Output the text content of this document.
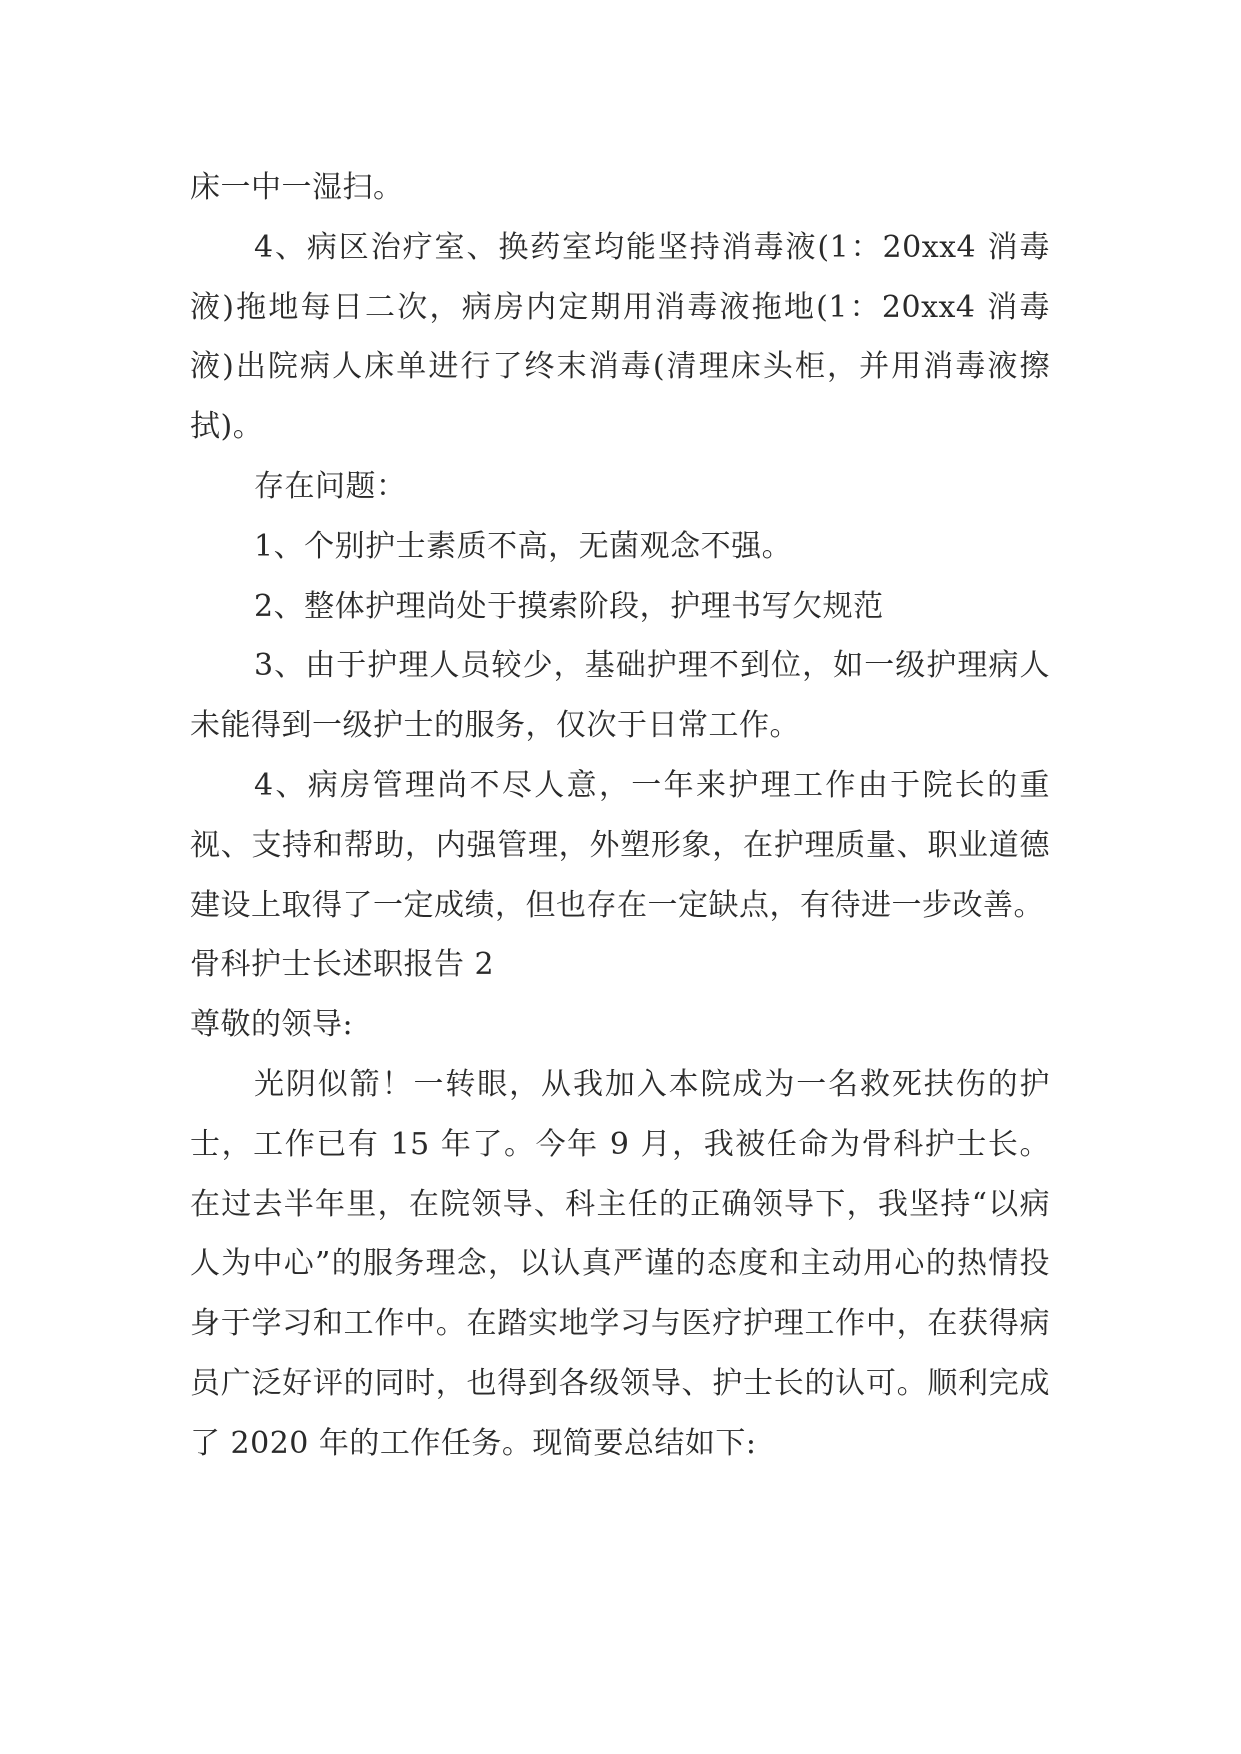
床一中一湿扫。

4、病区治疗室、换药室均能坚持消毒液(1：20xx4 消毒液)拖地每日二次，病房内定期用消毒液拖地(1：20xx4 消毒液)出院病人床单进行了终末消毒(清理床头柜，并用消毒液擦拭)。

存在问题：

1、个别护士素质不高，无菌观念不强。

2、整体护理尚处于摸索阶段，护理书写欠规范

3、由于护理人员较少，基础护理不到位，如一级护理病人未能得到一级护士的服务，仅次于日常工作。

4、病房管理尚不尽人意，一年来护理工作由于院长的重视、支持和帮助，内强管理，外塑形象，在护理质量、职业道德建设上取得了一定成绩，但也存在一定缺点，有待进一步改善。

骨科护士长述职报告 2

尊敬的领导:

光阴似箭！一转眼，从我加入本院成为一名救死扶伤的护士，工作已有 15 年了。今年 9 月，我被任命为骨科护士长。在过去半年里，在院领导、科主任的正确领导下，我坚持“以病人为中心”的服务理念，以认真严谨的态度和主动用心的热情投身于学习和工作中。在踏实地学习与医疗护理工作中，在获得病员广泛好评的同时，也得到各级领导、护士长的认可。顺利完成了 2020 年的工作任务。现简要总结如下:
